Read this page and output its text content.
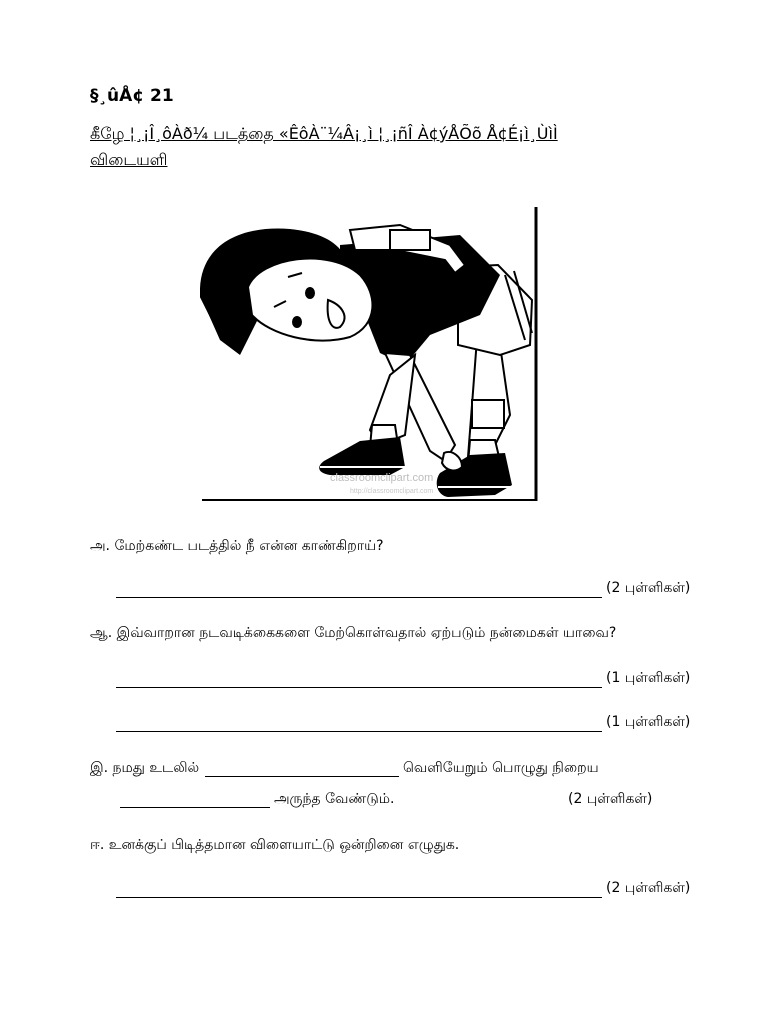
§¸ûÅ¢ 21
கீழே ¦¸¡Î¸ôÀð¼ படத்தை «ÊôÀ¨¼Â¡¸ì ¦¸¡ñÎ À¢ýÅÕõ Å¢É¡ì¸ÙìÌ
விடையளி
classroomclipart.com
http://classroomclipart.com
அ. மேற்கண்ட படத்தில் நீ என்ன காண்கிறாய்?
(2 புள்ளிகள்)
ஆ. இவ்வாறான நடவடிக்கைகளை மேற்கொள்வதால் ஏற்படும் நன்மைகள் யாவை?
(1 புள்ளிகள்)
(1 புள்ளிகள்)
இ. நமது உடலில்	வெளியேறும் பொழுது நிறைய
அருந்த வேண்டும்.	(2 புள்ளிகள்)
ஈ. உனக்குப் பிடித்தமான விளையாட்டு ஒன்றினை எழுதுக.
(2 புள்ளிகள்)
